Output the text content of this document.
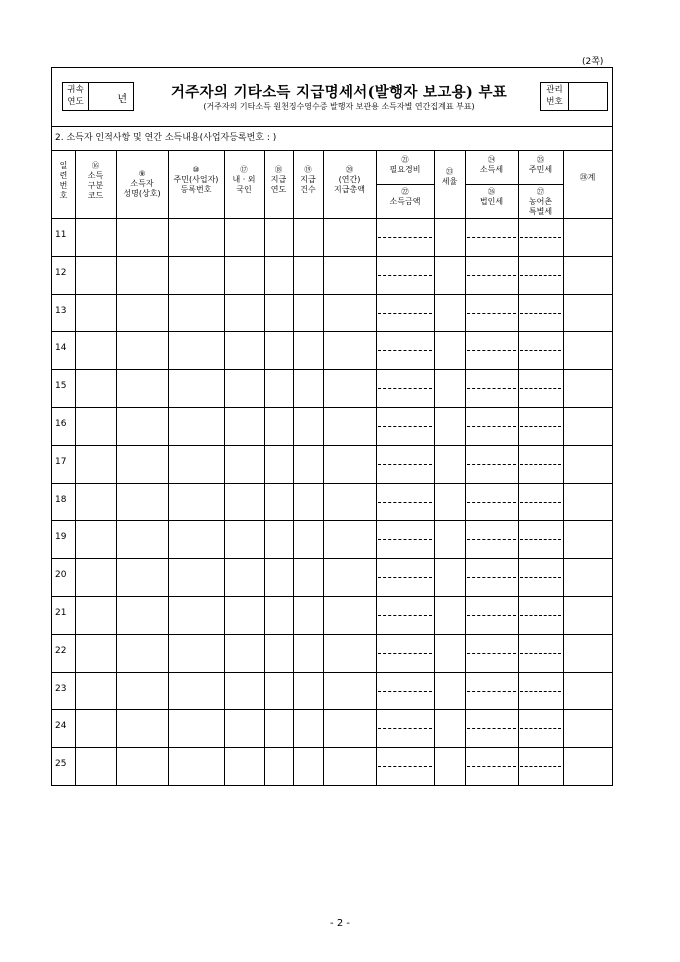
(2쪽)
귀속
연도	년	거주자의 기타소득 지급명세서(발행자 보고용) 부표
(거주자의 기타소득 원천징수영수증 발행자 보관용 소득자별 연간집계표 부표)
관리
번호
2. 소득자 인적사항 및 연간 소득내용(사업자등록번호 : )
일
련
번
호
⑯
소득
구분
코드
⑨
소득자
성명(상호)
⑩
주민(사업자)
등록번호
⑰
내 · 외
국인
⑱
지급
연도
⑲
지급
건수
⑳
(연간)
지급총액
㉑
필요경비
㉒
소득금액
㉓
세율
㉔
소득세
㉕
주민세
㉖
법인세
㉗
농어촌
특별세
㉘계
11
12
13
14
15
16
17
18
19
20
21
22
23
24
25
- 2 -
